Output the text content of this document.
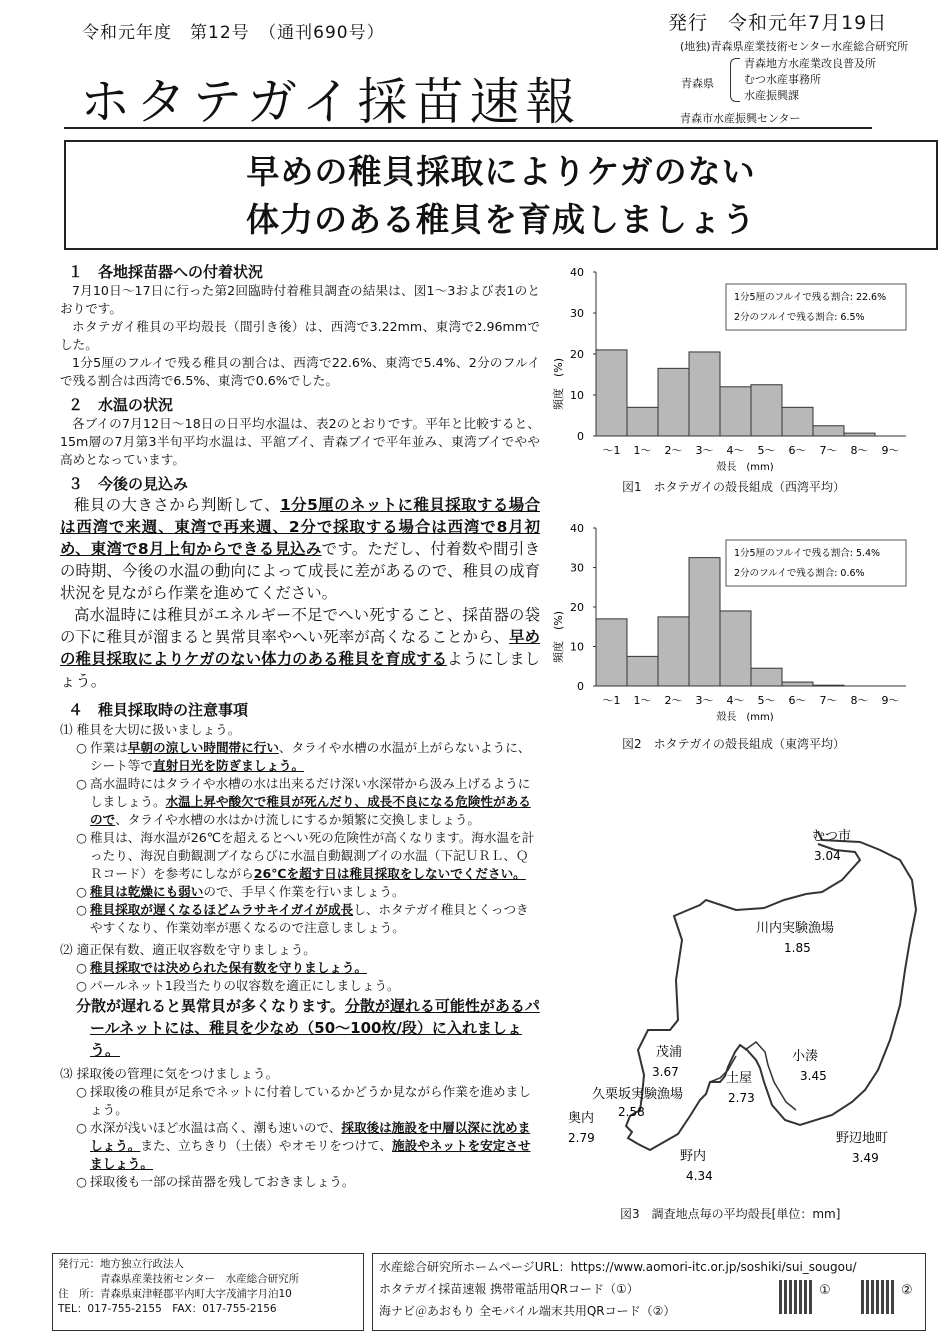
令和元年度　第12号　（通刊690号）	発行　令和元年7月19日
(地独)青森県産業技術センター水産総合研究所
青森県
青森地方水産業改良普及所
むつ水産事務所
水産振興課
青森市水産振興センター
ホタテガイ採苗速報
早めの稚貝採取によりケガのない
体力のある稚貝を育成しましょう
１　各地採苗器への付着状況
7月10日～17日に行った第2回臨時付着稚貝調査の結果は、図1～3および表1のとおりです。
ホタテガイ稚貝の平均殻長（間引き後）は、西湾で3.22mm、東湾で2.96mmでした。
1分5厘のフルイで残る稚貝の割合は、西湾で22.6%、東湾で5.4%、2分のフルイで残る割合は西湾で6.5%、東湾で0.6%でした。
２　水温の状況
各ブイの7月12日～18日の日平均水温は、表2のとおりです。平年と比較すると、15m層の7月第3半旬平均水温は、平舘ブイ、青森ブイで平年並み、東湾ブイでやや高めとなっています。
３　今後の見込み
稚貝の大きさから判断して、1分5厘のネットに稚貝採取する場合は西湾で来週、東湾で再来週、2分で採取する場合は西湾で8月初め、東湾で8月上旬からできる見込みです。ただし、付着数や間引きの時期、今後の水温の動向によって成長に差があるので、稚貝の成育状況を見ながら作業を進めてください。
高水温時には稚貝がエネルギー不足でへい死すること、採苗器の袋の下に稚貝が溜まると異常貝率やへい死率が高くなることから、早めの稚貝採取によりケガのない体力のある稚貝を育成するようにしましょう。
４　稚貝採取時の注意事項
⑴ 稚貝を大切に扱いましょう。
○ 作業は早朝の涼しい時間帯に行い、タライや水槽の水温が上がらないように、シート等で直射日光を防ぎましょう。
○ 高水温時にはタライや水槽の水は出来るだけ深い水深帯から汲み上げるようにしましょう。水温上昇や酸欠で稚貝が死んだり、成長不良になる危険性があるので、タライや水槽の水はかけ流しにするか頻繁に交換しましょう。
○ 稚貝は、海水温が26℃を超えるとへい死の危険性が高くなります。海水温を計ったり、海況自動観測ブイならびに水温自動観測ブイの水温（下記ＵＲＬ、ＱＲコード）を参考にしながら26℃を超す日は稚貝採取をしないでください。
○ 稚貝は乾燥にも弱いので、手早く作業を行いましょう。
○ 稚貝採取が遅くなるほどムラサキイガイが成長し、ホタテガイ稚貝とくっつきやすくなり、作業効率が悪くなるので注意しましょう。
⑵ 適正保有数、適正収容数を守りましょう。
○ 稚貝採取では決められた保有数を守りましょう。
○ パールネット1段当たりの収容数を適正にしましょう。
分散が遅れると異常貝が多くなります。分散が遅れる可能性があるパールネットには、稚貝を少なめ（50～100枚/段）に入れましょう。
⑶ 採取後の管理に気をつけましょう。
○ 採取後の稚貝が足糸でネットに付着しているかどうか見ながら作業を進めましょう。
○ 水深が浅いほど水温は高く、潮も速いので、採取後は施設を中層以深に沈めましょう。また、立ちきり（土俵）やオモリをつけて、施設やネットを安定させましょう。
○ 採取後も一部の採苗器を残しておきましょう。
0
10
20
30
40
～1 1～ 2～ 3～ 4～ 5～ 6～ 7～ 8～ 9～
殻長　(mm)
頻度　(%)
1分5厘のフルイで残る割合: 22.6%
2分のフルイで残る割合: 6.5%
図1　ホタテガイの殻長組成（西湾平均）
0
10
20
30
40
～1 1～ 2～ 3～ 4～ 5～ 6～ 7～ 8～ 9～
殻長　(mm)
頻度　(%)
1分5厘のフルイで残る割合: 5.4%
2分のフルイで残る割合: 0.6%
図2　ホタテガイの殻長組成（東湾平均）
むつ市
3.04
川内実験漁場
1.85
茂浦
3.67	土屋
2.73
小湊
3.45
久栗坂実験漁場
2.58
奥内
2.79
野内
4.34
野辺地町
3.49
図3　調査地点毎の平均殻長[単位：mm]
発行元：地方独立行政法人
青森県産業技術センター　水産総合研究所
住　所：青森県東津軽郡平内町大字茂浦字月泊10
TEL：017-755-2155　FAX：017-755-2156
水産総合研究所ホームページURL：https://www.aomori-itc.or.jp/soshiki/sui_sougou/
ホタテガイ採苗速報 携帯電話用QRコード（①）
海ナビ＠あおもり 全モバイル端末共用QRコード（②）
①	②
